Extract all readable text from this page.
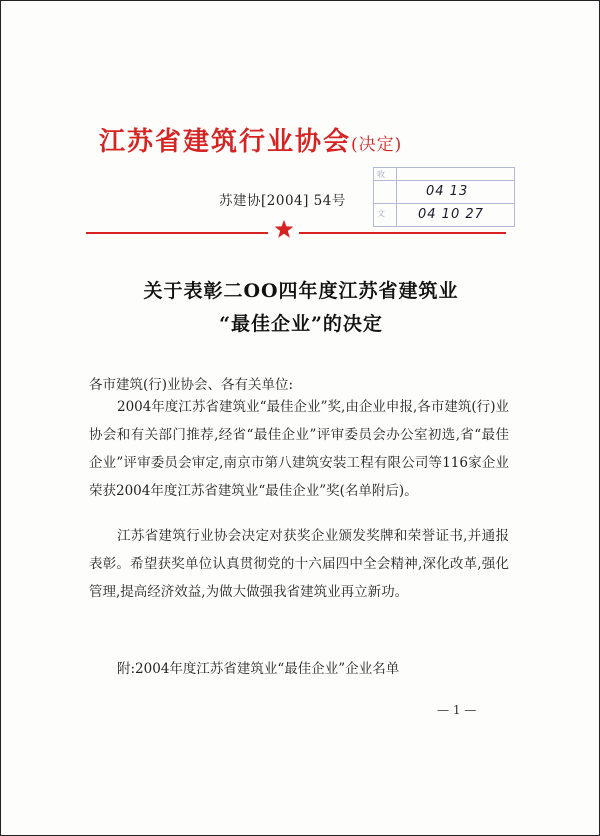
江苏省建筑行业协会(决定)
苏建协[2004] 54号
收
文
04 13
04 10 27
关于表彰二OO四年度江苏省建筑业
“最佳企业”的决定
各市建筑(行)业协会、各有关单位:
2004年度江苏省建筑业“最佳企业”奖,由企业申报,各市建筑(行)业协会和有关部门推荐,经省“最佳企业”评审委员会办公室初选,省“最佳企业”评审委员会审定,南京市第八建筑安装工程有限公司等116家企业荣获2004年度江苏省建筑业“最佳企业”奖(名单附后)。
江苏省建筑行业协会决定对获奖企业颁发奖牌和荣誉证书,并通报表彰。希望获奖单位认真贯彻党的十六届四中全会精神,深化改革,强化管理,提高经济效益,为做大做强我省建筑业再立新功。
附:2004年度江苏省建筑业“最佳企业”企业名单
— 1 —
